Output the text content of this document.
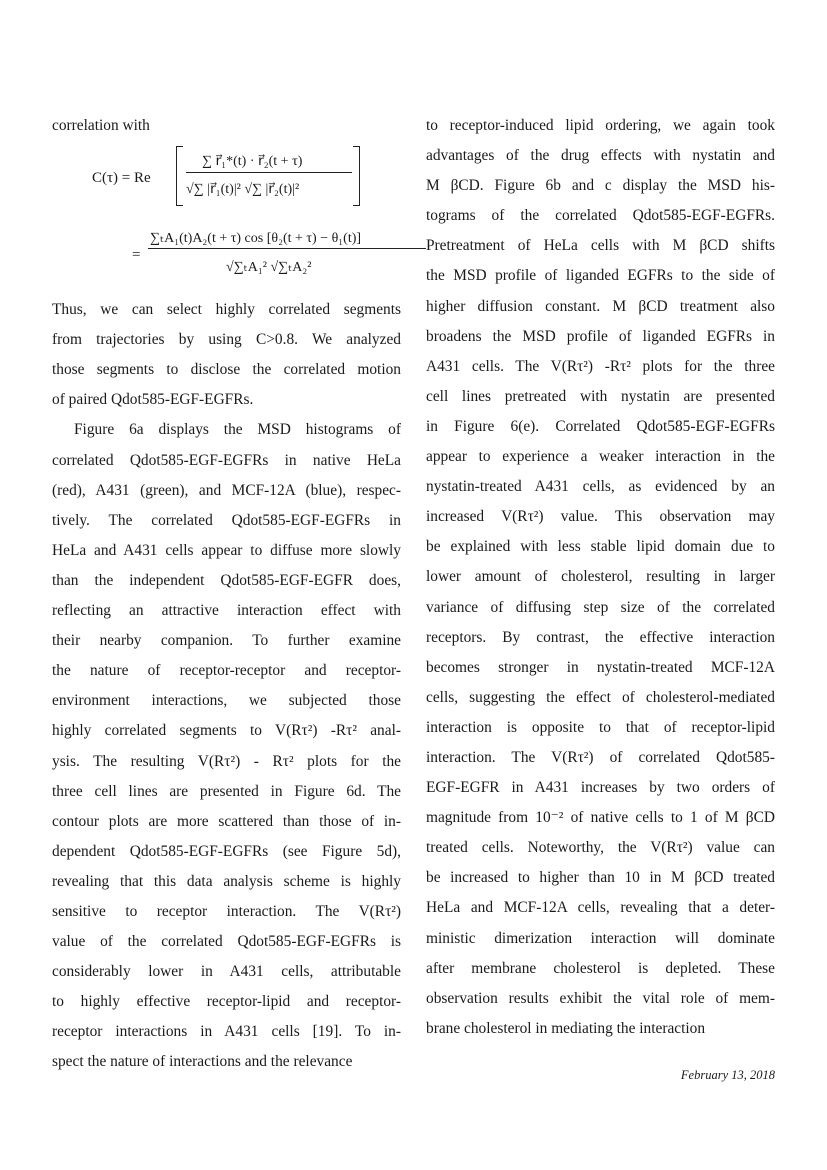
correlation with
C(τ) = Re
∑ r⃗₁*(t) · r⃗₂(t + τ)
√∑ |r⃗₁(t)|² √∑ |r⃗₂(t)|²
=
∑ₜA₁(t)A₂(t + τ) cos [θ₂(t + τ) − θ₁(t)]
√∑ₜA₁² √∑ₜA₂²
Thus, we can select highly correlated segments
from trajectories by using C>0.8. We analyzed
those segments to disclose the correlated motion
of paired Qdot585-EGF-EGFRs.
Figure 6a displays the MSD histograms of
correlated Qdot585-EGF-EGFRs in native HeLa
(red), A431 (green), and MCF-12A (blue), respec-
tively. The correlated Qdot585-EGF-EGFRs in
HeLa and A431 cells appear to diffuse more slowly
than the independent Qdot585-EGF-EGFR does,
reflecting an attractive interaction effect with
their nearby companion. To further examine
the nature of receptor-receptor and receptor-
environment interactions, we subjected those
highly correlated segments to V(Rτ²) -Rτ² anal-
ysis. The resulting V(Rτ²) - Rτ² plots for the
three cell lines are presented in Figure 6d. The
contour plots are more scattered than those of in-
dependent Qdot585-EGF-EGFRs (see Figure 5d),
revealing that this data analysis scheme is highly
sensitive to receptor interaction. The V(Rτ²)
value of the correlated Qdot585-EGF-EGFRs is
considerably lower in A431 cells, attributable
to highly effective receptor-lipid and receptor-
receptor interactions in A431 cells [19]. To in-
spect the nature of interactions and the relevance
to receptor-induced lipid ordering, we again took
advantages of the drug effects with nystatin and
M βCD. Figure 6b and c display the MSD his-
tograms of the correlated Qdot585-EGF-EGFRs.
Pretreatment of HeLa cells with M βCD shifts
the MSD profile of liganded EGFRs to the side of
higher diffusion constant. M βCD treatment also
broadens the MSD profile of liganded EGFRs in
A431 cells. The V(Rτ²) -Rτ² plots for the three
cell lines pretreated with nystatin are presented
in Figure 6(e). Correlated Qdot585-EGF-EGFRs
appear to experience a weaker interaction in the
nystatin-treated A431 cells, as evidenced by an
increased V(Rτ²) value. This observation may
be explained with less stable lipid domain due to
lower amount of cholesterol, resulting in larger
variance of diffusing step size of the correlated
receptors. By contrast, the effective interaction
becomes stronger in nystatin-treated MCF-12A
cells, suggesting the effect of cholesterol-mediated
interaction is opposite to that of receptor-lipid
interaction. The V(Rτ²) of correlated Qdot585-
EGF-EGFR in A431 increases by two orders of
magnitude from 10⁻² of native cells to 1 of M βCD
treated cells. Noteworthy, the V(Rτ²) value can
be increased to higher than 10 in M βCD treated
HeLa and MCF-12A cells, revealing that a deter-
ministic dimerization interaction will dominate
after membrane cholesterol is depleted. These
observation results exhibit the vital role of mem-
brane cholesterol in mediating the interaction
February 13, 2018
